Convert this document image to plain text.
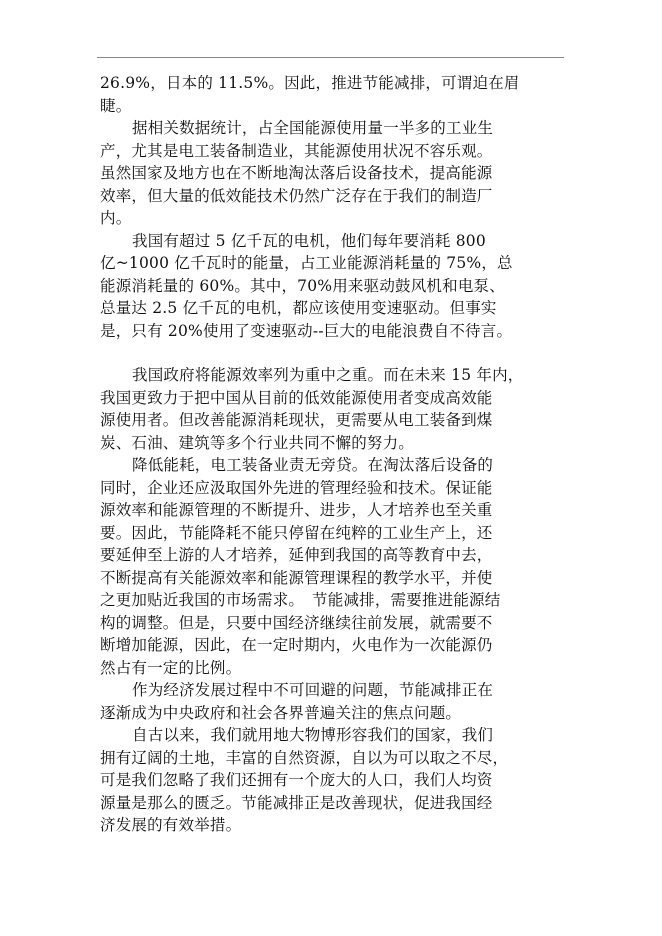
26.9%，日本的 11.5%。因此，推进节能减排，可谓迫在眉
睫。
据相关数据统计，占全国能源使用量一半多的工业生
产，尤其是电工装备制造业，其能源使用状况不容乐观。
虽然国家及地方也在不断地淘汰落后设备技术，提高能源
效率，但大量的低效能技术仍然广泛存在于我们的制造厂
内。
我国有超过 5 亿千瓦的电机，他们每年要消耗 800
亿~1000 亿千瓦时的能量，占工业能源消耗量的 75%，总
能源消耗量的 60%。其中，70%用来驱动鼓风机和电泵、
总量达 2.5 亿千瓦的电机，都应该使用变速驱动。但事实
是，只有 20%使用了变速驱动--巨大的电能浪费自不待言。
我国政府将能源效率列为重中之重。而在未来 15 年内，
我国更致力于把中国从目前的低效能源使用者变成高效能
源使用者。但改善能源消耗现状，更需要从电工装备到煤
炭、石油、建筑等多个行业共同不懈的努力。
降低能耗，电工装备业责无旁贷。在淘汰落后设备的
同时，企业还应汲取国外先进的管理经验和技术。保证能
源效率和能源管理的不断提升、进步，人才培养也至关重
要。因此，节能降耗不能只停留在纯粹的工业生产上，还
要延伸至上游的人才培养，延伸到我国的高等教育中去，
不断提高有关能源效率和能源管理课程的教学水平，并使
之更加贴近我国的市场需求。　节能减排，需要推进能源结
构的调整。但是，只要中国经济继续往前发展，就需要不
断增加能源，因此，在一定时期内，火电作为一次能源仍
然占有一定的比例。
作为经济发展过程中不可回避的问题，节能减排正在
逐渐成为中央政府和社会各界普遍关注的焦点问题。
自古以来，我们就用地大物博形容我们的国家，我们
拥有辽阔的土地，丰富的自然资源，自以为可以取之不尽，
可是我们忽略了我们还拥有一个庞大的人口，我们人均资
源量是那么的匮乏。节能减排正是改善现状，促进我国经
济发展的有效举措。
